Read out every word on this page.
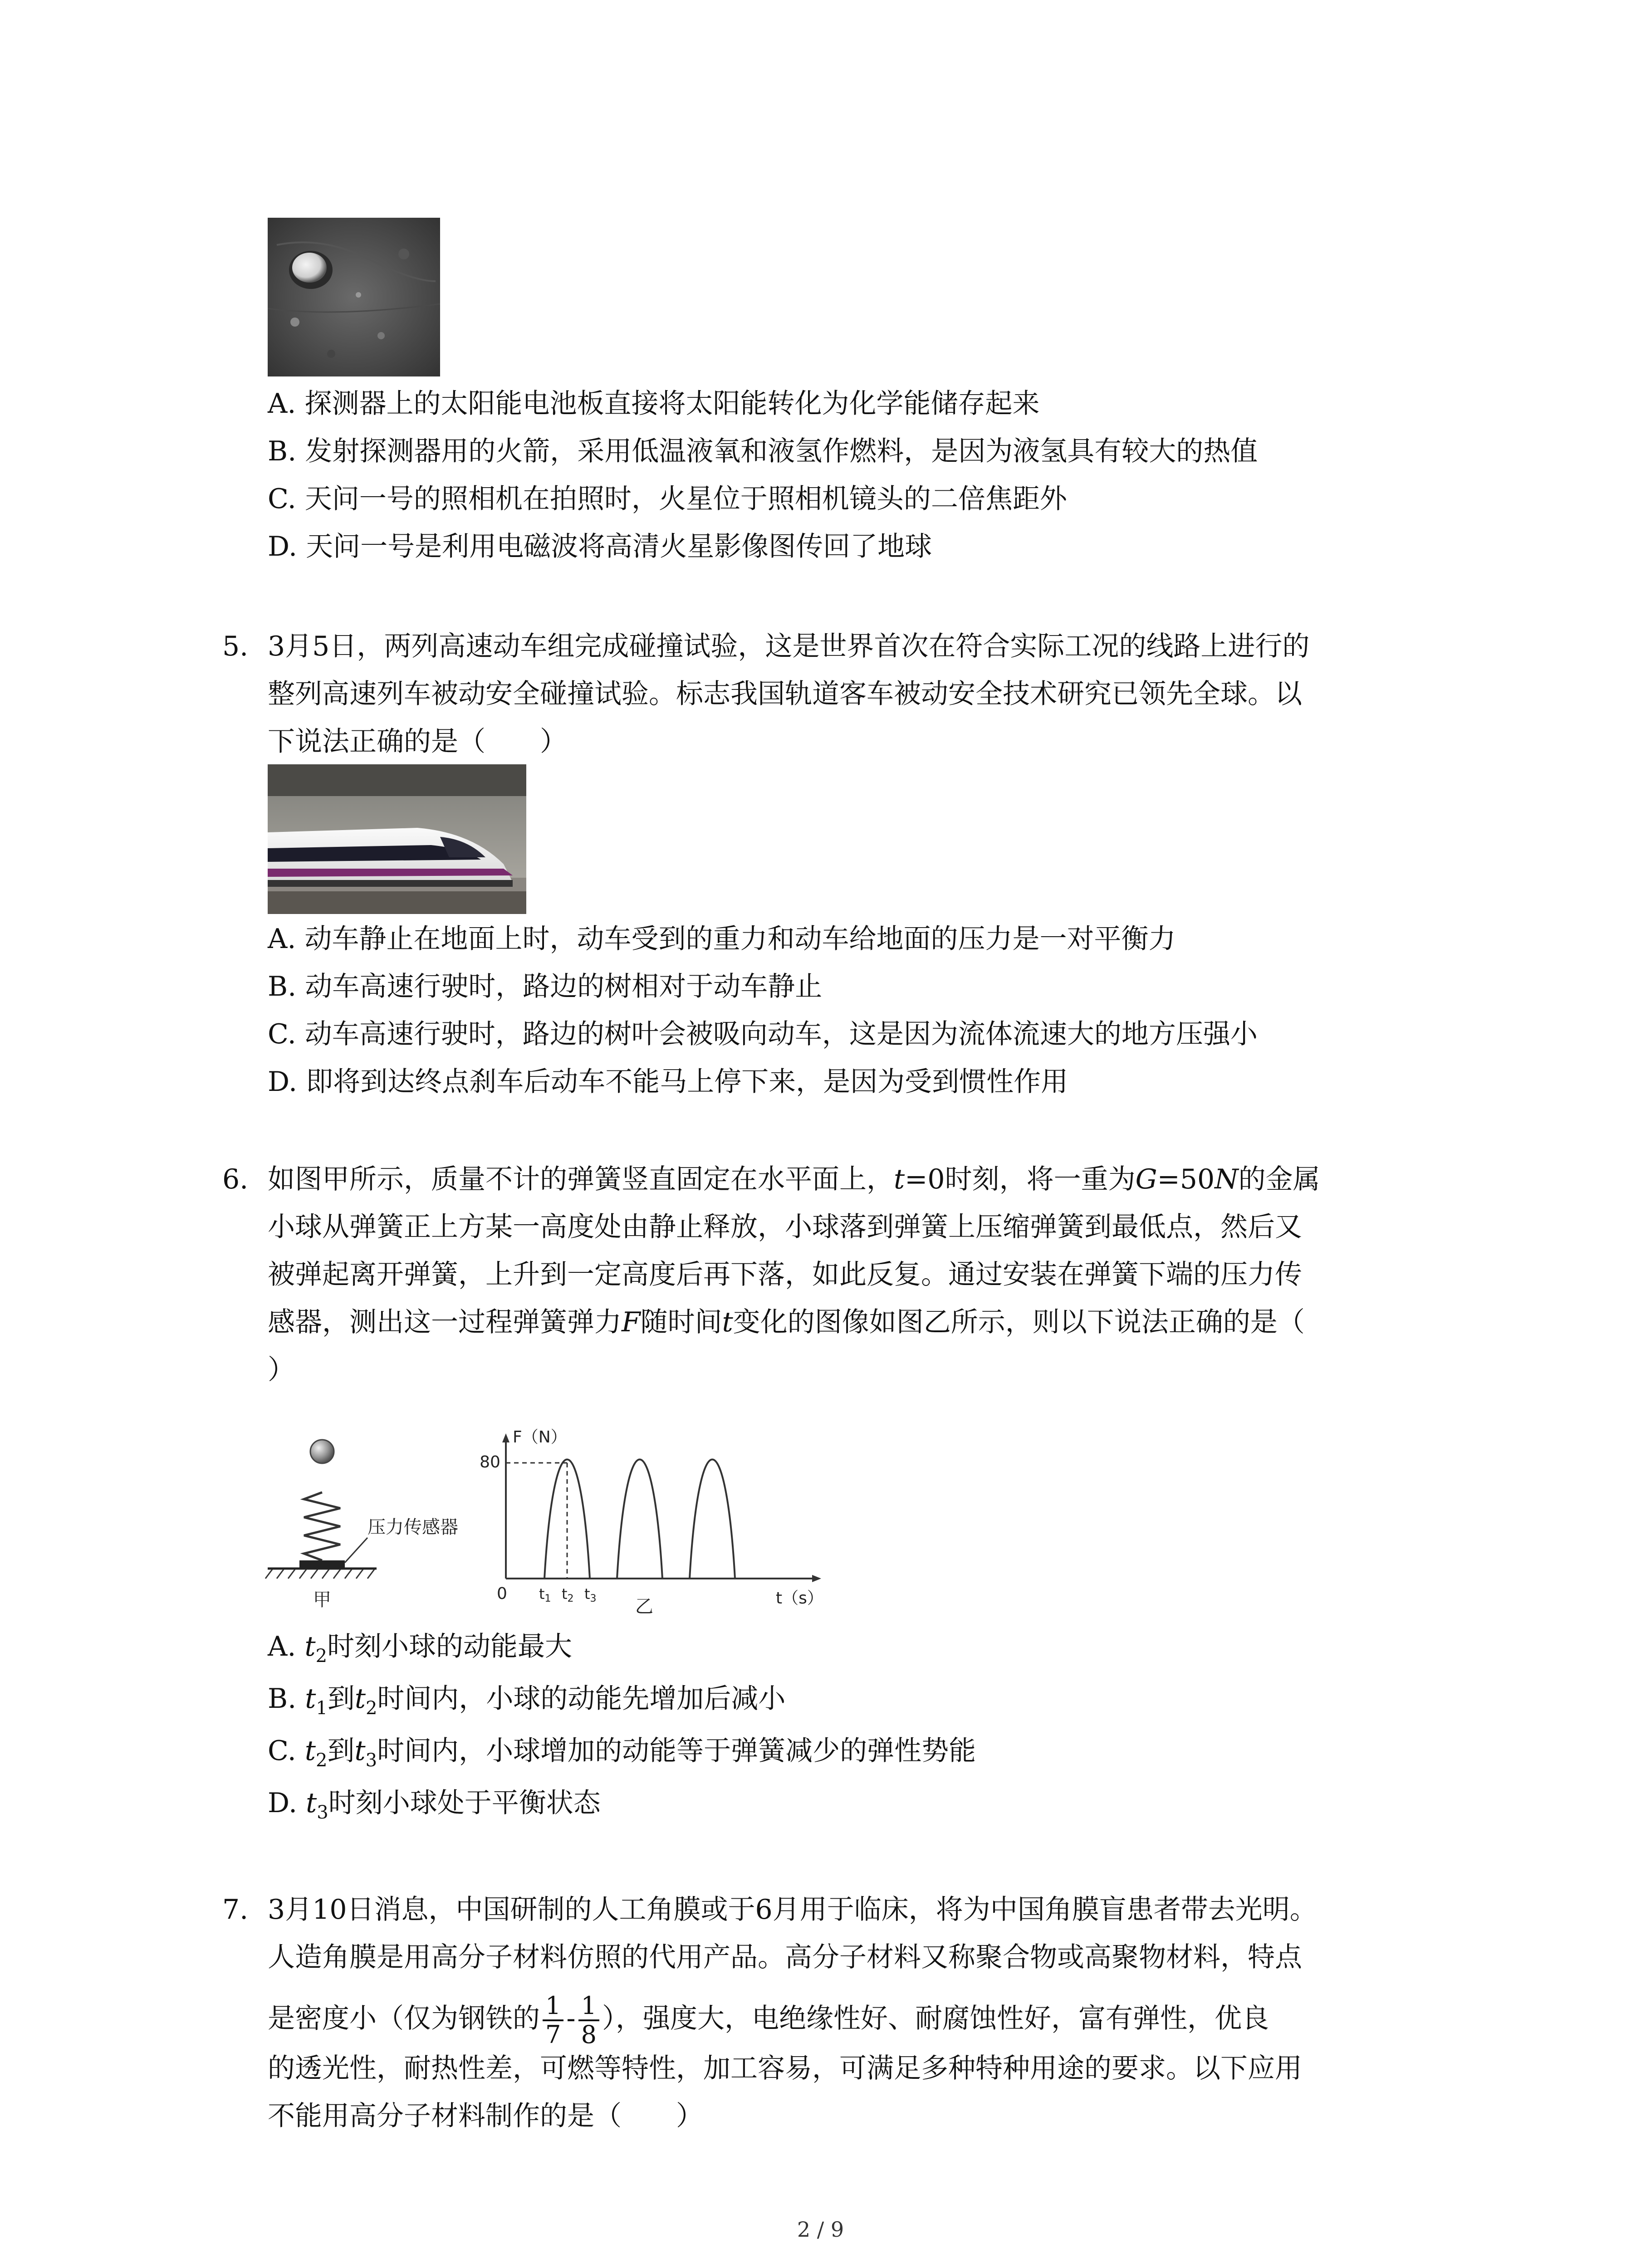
A. 探测器上的太阳能电池板直接将太阳能转化为化学能储存起来
B. 发射探测器用的火箭，采用低温液氧和液氢作燃料，是因为液氢具有较大的热值
C. 天问一号的照相机在拍照时，火星位于照相机镜头的二倍焦距外
D. 天问一号是利用电磁波将高清火星影像图传回了地球
5. 3月5日，两列高速动车组完成碰撞试验，这是世界首次在符合实际工况的线路上进行的
整列高速列车被动安全碰撞试验。标志我国轨道客车被动安全技术研究已领先全球。以
下说法正确的是（　　）
A. 动车静止在地面上时，动车受到的重力和动车给地面的压力是一对平衡力
B. 动车高速行驶时，路边的树相对于动车静止
C. 动车高速行驶时，路边的树叶会被吸向动车，这是因为流体流速大的地方压强小
D. 即将到达终点刹车后动车不能马上停下来，是因为受到惯性作用
6. 如图甲所示，质量不计的弹簧竖直固定在水平面上，t=0时刻，将一重为G=50N的金属
小球从弹簧正上方某一高度处由静止释放，小球落到弹簧上压缩弹簧到最低点，然后又
被弹起离开弹簧，上升到一定高度后再下落，如此反复。通过安装在弹簧下端的压力传
感器，测出这一过程弹簧弹力F随时间t变化的图像如图乙所示，则以下说法正确的是（
）
压力传感器
甲
F（N）
t（s）
80
0 t1 t2 t3 乙
A. $t_2$时刻小球的动能最大
B. $t_1$到$t_2$时间内，小球的动能先增加后减小
C. $t_2$到$t_3$时间内，小球增加的动能等于弹簧减少的弹性势能
D. $t_3$时刻小球处于平衡状态
7. 3月10日消息，中国研制的人工角膜或于6月用于临床，将为中国角膜盲患者带去光明。
人造角膜是用高分子材料仿照的代用产品。高分子材料又称聚合物或高聚物材料，特点
是密度小（仅为钢铁的 $\frac{1}{7} - \frac{1}{8}$ ），强度大，电绝缘性好、耐腐蚀性好，富有弹性，优良
的透光性，耐热性差，可燃等特性，加工容易，可满足多种特种用途的要求。以下应用
不能用高分子材料制作的是（　　）
2 / 9
